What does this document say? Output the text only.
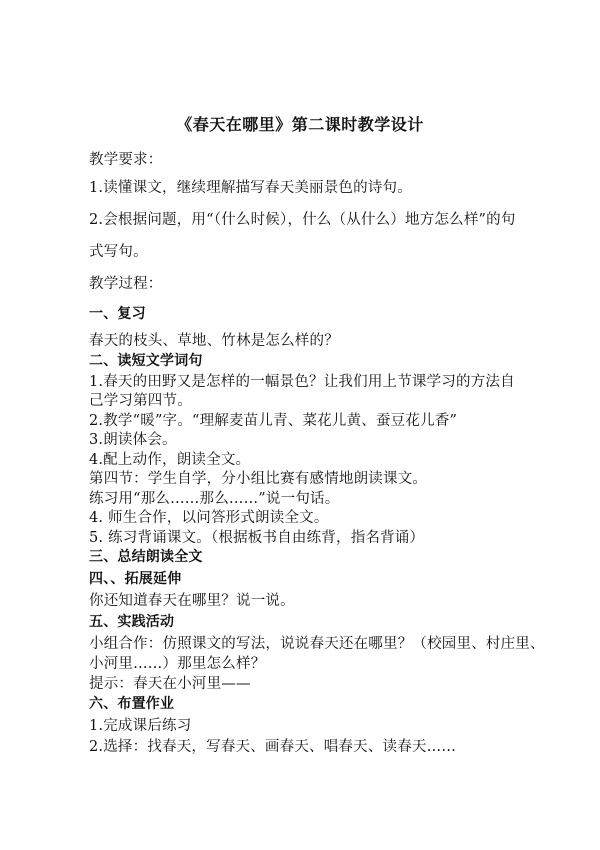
《春天在哪里》第二课时教学设计
教学要求：
1.读懂课文，继续理解描写春天美丽景色的诗句。
2.会根据问题，用“（什么时候），什么（从什么）地方怎么样”的句
式写句。
教学过程：
一、复习
春天的枝头、草地、竹林是怎么样的？
二、读短文学词句
1.春天的田野又是怎样的一幅景色？让我们用上节课学习的方法自
己学习第四节。
2.教学“暖”字。“理解麦苗儿青、菜花儿黄、蚕豆花儿香”
3.朗读体会。
4.配上动作，朗读全文。
第四节：学生自学，分小组比赛有感情地朗读课文。
练习用“那么……那么……”说一句话。
4. 师生合作，以问答形式朗读全文。
5. 练习背诵课文。（根据板书自由练背，指名背诵）
三、总结朗读全文
四、、拓展延伸
你还知道春天在哪里？说一说。
五、实践活动
小组合作：仿照课文的写法，说说春天还在哪里？（校园里、村庄里、
小河里……）那里怎么样？
提示：春天在小河里——
六、布置作业
1.完成课后练习
2.选择：找春天，写春天、画春天、唱春天、读春天……
